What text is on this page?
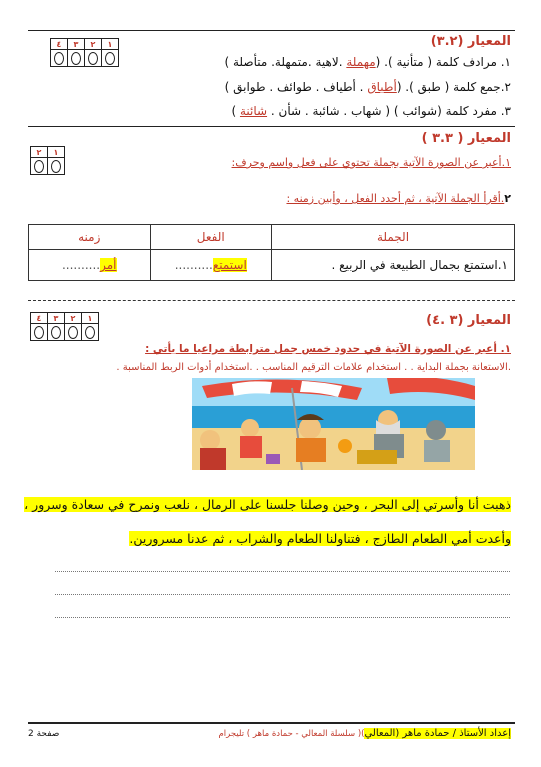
المعيار (٣.٢)
٤	٣	٢	١

١. مرادف كلمة ( متأنية ). (مهملة .لاهية .متمهلة. متأصلة )
٢.جمع كلمة ( طبق ). (أطباق . أطياف . طوائف . طوابق )
٣. مفرد كلمة (شوائب ) ( شهاب . شائبة . شأن . شائنة )
المعيار ( ٣.٣ )
٢	١

١.أعبر عن الصورة الآتية بجملة تحتوي على فعل واسم وحرف:
٢.أقرأ الجملة الآتية ، ثم أحدد الفعل ، وأبين زمنه :
الجملة	الفعل	زمنه
١.استمتع بجمال الطبيعة في الربيع .	استمتع..........	أمر..........
المعيار (٣ .٤)
٤	٣	٢	١

١. أعبر عن الصورة الآتية في حدود خمس جمل مترابطة مراعيا ما يأتي :
.الاستعانة بجملة البداية . . استخدام علامات الترقيم المناسب . .استخدام أدوات الربط المناسبة .
ذهبت أنا وأسرتي إلى البحر ، وحين وصلنا جلسنا على الرمال ، نلعب ونمرح في سعادة وسرور ،
وأعدت أمي الطعام الطازج ، فتناولنا الطعام والشراب ، ثم عدنا مسرورين.
إعداد الأستاذ / حمادة ماهر (المعالي)( سلسلة المعالي - حمادة ماهر ) تليجرام
صفحة 2
